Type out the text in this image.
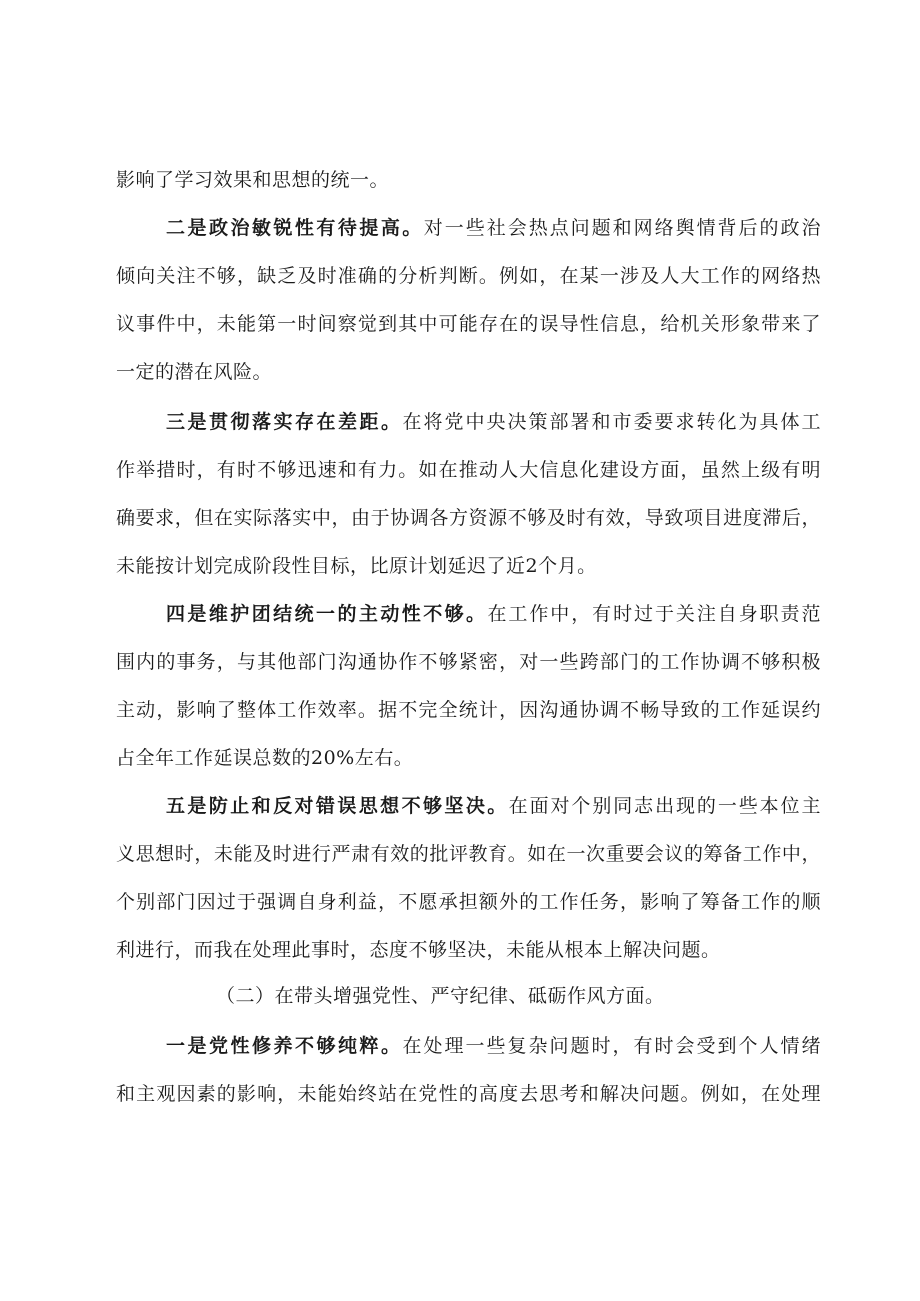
影响了学习效果和思想的统一。
二是政治敏锐性有待提高。对一些社会热点问题和网络舆情背后的政治
倾向关注不够，缺乏及时准确的分析判断。例如，在某一涉及人大工作的网络热
议事件中，未能第一时间察觉到其中可能存在的误导性信息，给机关形象带来了
一定的潜在风险。
三是贯彻落实存在差距。在将党中央决策部署和市委要求转化为具体工
作举措时，有时不够迅速和有力。如在推动人大信息化建设方面，虽然上级有明
确要求，但在实际落实中，由于协调各方资源不够及时有效，导致项目进度滞后，
未能按计划完成阶段性目标，比原计划延迟了近2个月。
四是维护团结统一的主动性不够。在工作中，有时过于关注自身职责范
围内的事务，与其他部门沟通协作不够紧密，对一些跨部门的工作协调不够积极
主动，影响了整体工作效率。据不完全统计，因沟通协调不畅导致的工作延误约
占全年工作延误总数的20%左右。
五是防止和反对错误思想不够坚决。在面对个别同志出现的一些本位主
义思想时，未能及时进行严肃有效的批评教育。如在一次重要会议的筹备工作中，
个别部门因过于强调自身利益，不愿承担额外的工作任务，影响了筹备工作的顺
利进行，而我在处理此事时，态度不够坚决，未能从根本上解决问题。
（二）在带头增强党性、严守纪律、砥砺作风方面。
一是党性修养不够纯粹。在处理一些复杂问题时，有时会受到个人情绪
和主观因素的影响，未能始终站在党性的高度去思考和解决问题。例如，在处理
